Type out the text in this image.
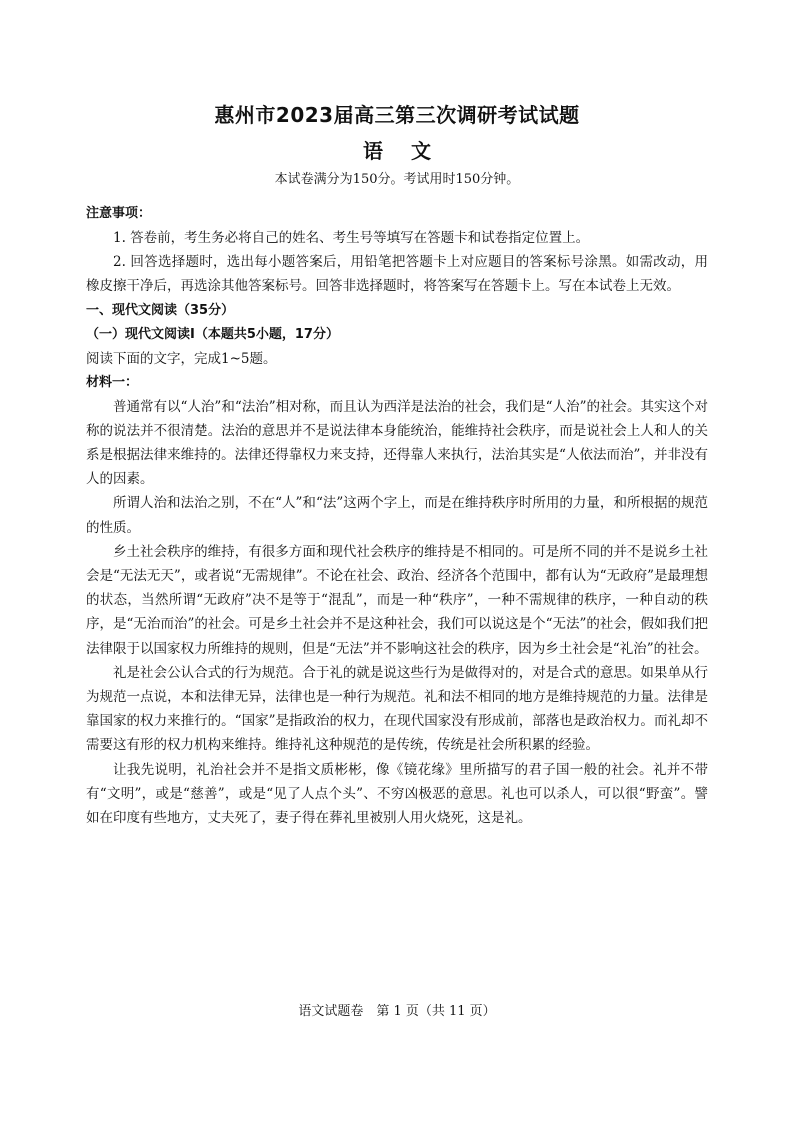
惠州市2023届高三第三次调研考试试题
语文
本试卷满分为150分。考试用时150分钟。
注意事项：

1. 答卷前，考生务必将自己的姓名、考生号等填写在答题卡和试卷指定位置上。

2. 回答选择题时，选出每小题答案后，用铅笔把答题卡上对应题目的答案标号涂黑。如需改动，用橡皮擦干净后，再选涂其他答案标号。回答非选择题时，将答案写在答题卡上。写在本试卷上无效。

一、现代文阅读（35分）
（一）现代文阅读Ⅰ（本题共5小题，17分）

阅读下面的文字，完成1~5题。

材料一：

普通常有以“人治”和“法治”相对称，而且认为西洋是法治的社会，我们是“人治”的社会。其实这个对称的说法并不很清楚。法治的意思并不是说法律本身能统治，能维持社会秩序，而是说社会上人和人的关系是根据法律来维持的。法律还得靠权力来支持，还得靠人来执行，法治其实是“人依法而治”，并非没有人的因素。

所谓人治和法治之别，不在“人”和“法”这两个字上，而是在维持秩序时所用的力量，和所根据的规范的性质。

乡土社会秩序的维持，有很多方面和现代社会秩序的维持是不相同的。可是所不同的并不是说乡土社会是“无法无天”，或者说“无需规律”。不论在社会、政治、经济各个范围中，都有认为“无政府”是最理想的状态，当然所谓“无政府”决不是等于“混乱”，而是一种“秩序”，一种不需规律的秩序，一种自动的秩序，是“无治而治”的社会。可是乡土社会并不是这种社会，我们可以说这是个“无法”的社会，假如我们把法律限于以国家权力所维持的规则，但是“无法”并不影响这社会的秩序，因为乡土社会是“礼治”的社会。

礼是社会公认合式的行为规范。合于礼的就是说这些行为是做得对的，对是合式的意思。如果单从行为规范一点说，本和法律无异，法律也是一种行为规范。礼和法不相同的地方是维持规范的力量。法律是靠国家的权力来推行的。“国家”是指政治的权力，在现代国家没有形成前，部落也是政治权力。而礼却不需要这有形的权力机构来维持。维持礼这种规范的是传统，传统是社会所积累的经验。

让我先说明，礼治社会并不是指文质彬彬，像《镜花缘》里所描写的君子国一般的社会。礼并不带有“文明”，或是“慈善”，或是“见了人点个头”、不穷凶极恶的意思。礼也可以杀人，可以很“野蛮”。譬如在印度有些地方，丈夫死了，妻子得在葬礼里被别人用火烧死，这是礼。

语文试题卷　第 1 页（共 11 页）
